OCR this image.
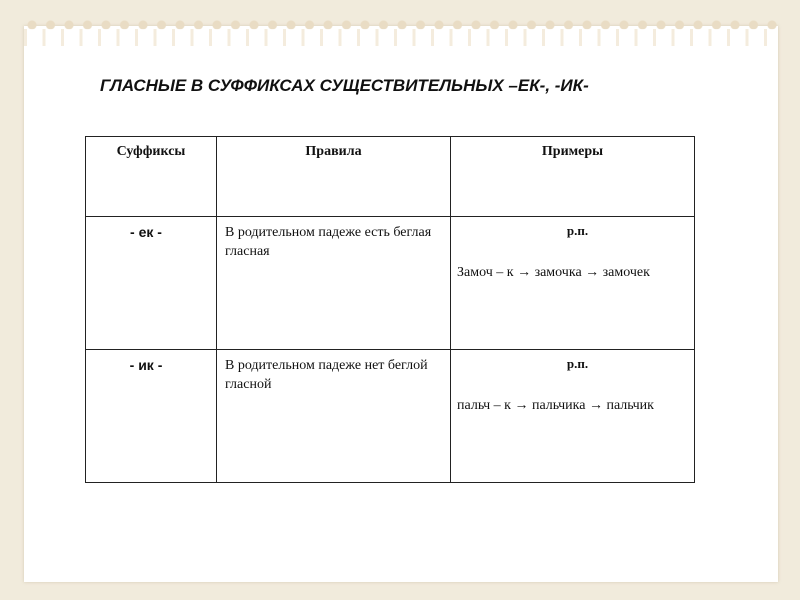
ГЛАСНЫЕ В СУФФИКСАХ СУЩЕСТВИТЕЛЬНЫХ –ЕК-, -ИК-
Суффиксы	Правила	Примеры

- ек -	В родительном падеже есть беглая гласная	р.п.
Замоч – к → замочка → замочек

- ик -	В родительном падеже нет беглой гласной	р.п.
пальч – к → пальчика → пальчик
